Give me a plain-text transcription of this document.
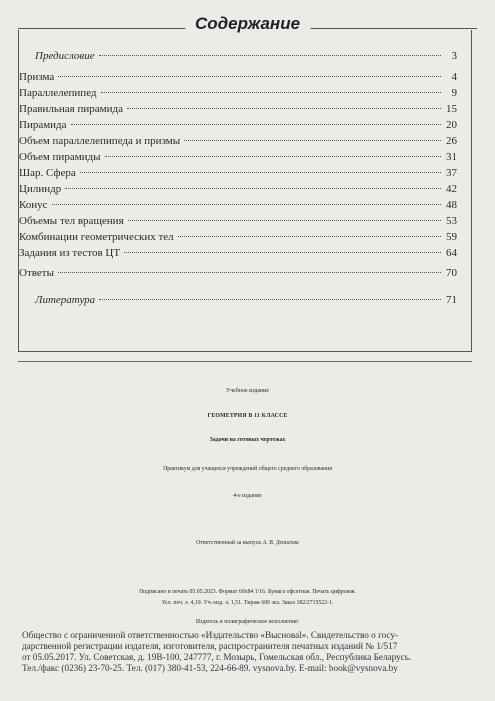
Содержание
Предисловие	3
Призма	4
Параллелепипед	9
Правильная пирамида	15
Пирамида	20
Объем параллелепипеда и призмы	26
Объем пирамиды	31
Шар. Сфера	37
Цилиндр	42
Конус	48
Объемы тел вращения	53
Комбинации геометрических тел	59
Задания из тестов ЦТ	64
Ответы	70
Литература	71
Учебное издание
ГЕОМЕТРИЯ В 11 КЛАССЕ
Задачи на готовых чертежах
Практикум для учащихся учреждений общего среднего образования
4-е издание
Ответственный за выпуск А. В. Денисова
Подписано в печать 05.05.2023. Формат 60х84 1/16. Бумага офсетная. Печать цифровая.
Усл. печ. л. 4,19. Уч.-изд. л. 1,51. Тираж 600 экз. Заказ 182/2715522-1.
Издатель и полиграфическое исполнение:
Общество с ограниченной ответственностью «Издательство «Высноваl». Свидетельство о госу-
дарственной регистрации издателя, изготовителя, распространителя печатных изданий № 1/517
от 05.05.2017. Ул. Советская, д. 19В-100, 247777, г. Мозырь, Гомельская обл., Республика Беларусь.
Тел./факс (0236) 23-70-25. Тел. (017) 380-41-53, 224-66-89. vysnova.by. E-mail: book@vysnova.by
